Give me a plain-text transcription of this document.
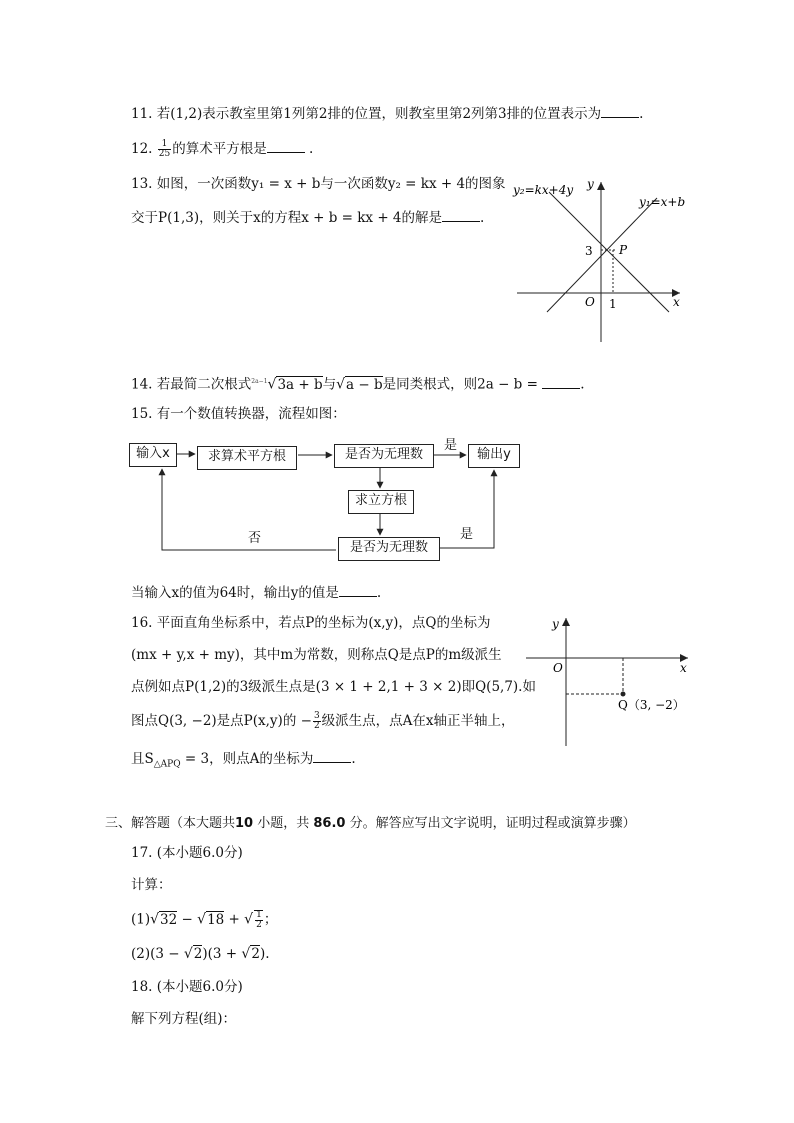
11. 若(1,2)表示教室里第1列第2排的位置，则教室里第2列第3排的位置表示为	.
12. $\frac{1}{25}$ 的算术平方根是	.
13. 如图，一次函数y₁ = x + b与一次函数y₂ = kx + 4的图象
交于P(1,3)，则关于x的方程x + b = kx + 4的解是	.
y₂=kx+4y
y₁=x+b
x
y
O
P
3
1
14. 若最简二次根式$^{2a-1}$√3a + b与√a − b是同类根式，则2a − b =	.
15. 有一个数值转换器，流程如图：
输入x	求算术平方根	是否为无理数	输出y
求立方根
是否为无理数
是
是
否
当输入x的值为64时，输出y的值是	.
16. 平面直角坐标系中，若点P的坐标为(x,y)，点Q的坐标为
(mx + y,x + my)，其中m为常数，则称点Q是点P的m级派生
点例如点P(1,2)的3级派生点是(3 × 1 + 2,1 + 3 × 2)即Q(5,7).如
图点Q(3, −2)是点P(x,y)的 − $\frac{3}{2}$ 级派生点，点A在x轴正半轴上，
且$S_{\triangle APQ} = 3$，则点A的坐标为	.
y
x
O
Q（3, −2）
三、解答题（本大题共10 小题，共 86.0 分。解答应写出文字说明，证明过程或演算步骤）
17. (本小题6.0分)
计算：
(1)√32 − √18 + √ $\frac{1}{2}$ ；
(2)(3 − √2)(3 + √2).
18. (本小题6.0分)
解下列方程(组)：
